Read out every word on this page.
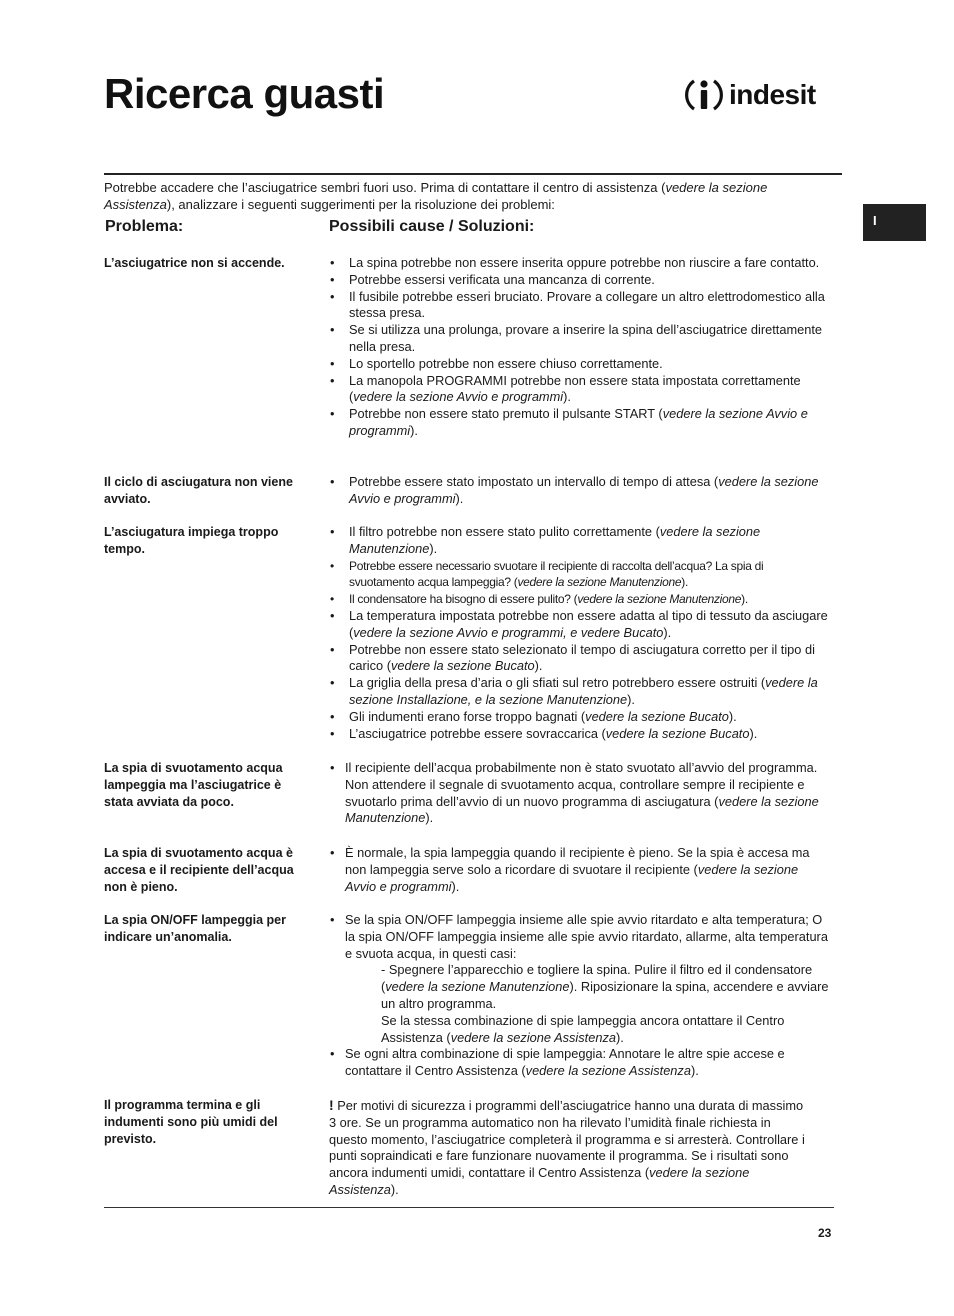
Ricerca guasti	indesit
I

Potrebbe accadere che l’asciugatrice sembri fuori uso. Prima di contattare il centro di assistenza (vedere la sezione Assistenza), analizzare i seguenti suggerimenti per la risoluzione dei problemi:

Problema:	Possibili cause / Soluzioni:

L’asciugatrice non si accende.

•	La spina potrebbe non essere inserita oppure potrebbe non riuscire a fare contatto.
• Potrebbe essersi verificata una mancanza di corrente.
• Il fusibile potrebbe esseri bruciato. Provare a collegare un altro elettrodomestico alla stessa presa.
• Se si utilizza una prolunga, provare a inserire la spina dell’asciugatrice direttamente nella presa.
• Lo sportello potrebbe non essere chiuso correttamente.
• La manopola PROGRAMMI potrebbe non essere stata impostata correttamente (vedere la sezione Avvio e programmi).
• Potrebbe non essere stato premuto il pulsante START (vedere la sezione Avvio e programmi).

Il ciclo di asciugatura non viene avviato.

• Potrebbe essere stato impostato un intervallo di tempo di attesa (vedere la sezione Avvio e programmi).

L’asciugatura impiega troppo tempo.

• Il filtro potrebbe non essere stato pulito correttamente (vedere la sezione Manutenzione).
• Potrebbe essere necessario svuotare il recipiente di raccolta dell’acqua? La spia di svuotamento acqua lampeggia? (vedere la sezione Manutenzione).
• Il condensatore ha bisogno di essere pulito? (vedere la sezione Manutenzione).
• La temperatura impostata potrebbe non essere adatta al tipo di tessuto da asciugare (vedere la sezione Avvio e programmi, e vedere Bucato).
• Potrebbe non essere stato selezionato il tempo di asciugatura corretto per il tipo di carico (vedere la sezione Bucato).
• La griglia della presa d’aria o gli sfiati sul retro potrebbero essere ostruiti (vedere la sezione Installazione, e la sezione Manutenzione).
• Gli indumenti erano forse troppo bagnati (vedere la sezione Bucato).
• L’asciugatrice potrebbe essere sovraccarica (vedere la sezione Bucato).

La spia di svuotamento acqua lampeggia ma l’asciugatrice è stata avviata da poco.

• Il recipiente dell’acqua probabilmente non è stato svuotato all’avvio del programma. Non attendere il segnale di svuotamento acqua, controllare sempre il recipiente e svuotarlo prima dell’avvio di un nuovo programma di asciugatura (vedere la sezione Manutenzione).

La spia di svuotamento acqua è accesa e il recipiente dell’acqua non è pieno.

• È normale, la spia lampeggia quando il recipiente è pieno. Se la spia è accesa ma non lampeggia serve solo a ricordare di svuotare il recipiente (vedere la sezione Avvio e programmi).

La spia ON/OFF lampeggia per indicare un’anomalia.

• Se la spia ON/OFF lampeggia insieme alle spie avvio ritardato e alta temperatura; O la spia ON/OFF lampeggia insieme alle spie avvio ritardato, allarme, alta temperatura e svuota acqua, in questi casi:
- Spegnere l’apparecchio e togliere la spina. Pulire il filtro ed il condensatore (vedere la sezione Manutenzione). Riposizionare la spina, accendere e avviare un altro programma.
Se la stessa combinazione di spie lampeggia ancora ontattare il Centro Assistenza (vedere la sezione Assistenza).
• Se ogni altra combinazione di spie lampeggia: Annotare le altre spie accese e contattare il Centro Assistenza (vedere la sezione Assistenza).

Il programma termina e gli indumenti sono più umidi del previsto.

! Per motivi di sicurezza i programmi dell’asciugatrice hanno una durata di massimo 3 ore. Se un programma automatico non ha rilevato l’umidità finale richiesta in questo momento, l’asciugatrice completerà il programma e si arresterà. Controllare i punti sopraindicati e fare funzionare nuovamente il programma. Se i risultati sono ancora indumenti umidi, contattare il Centro Assistenza (vedere la sezione Assistenza).

23
